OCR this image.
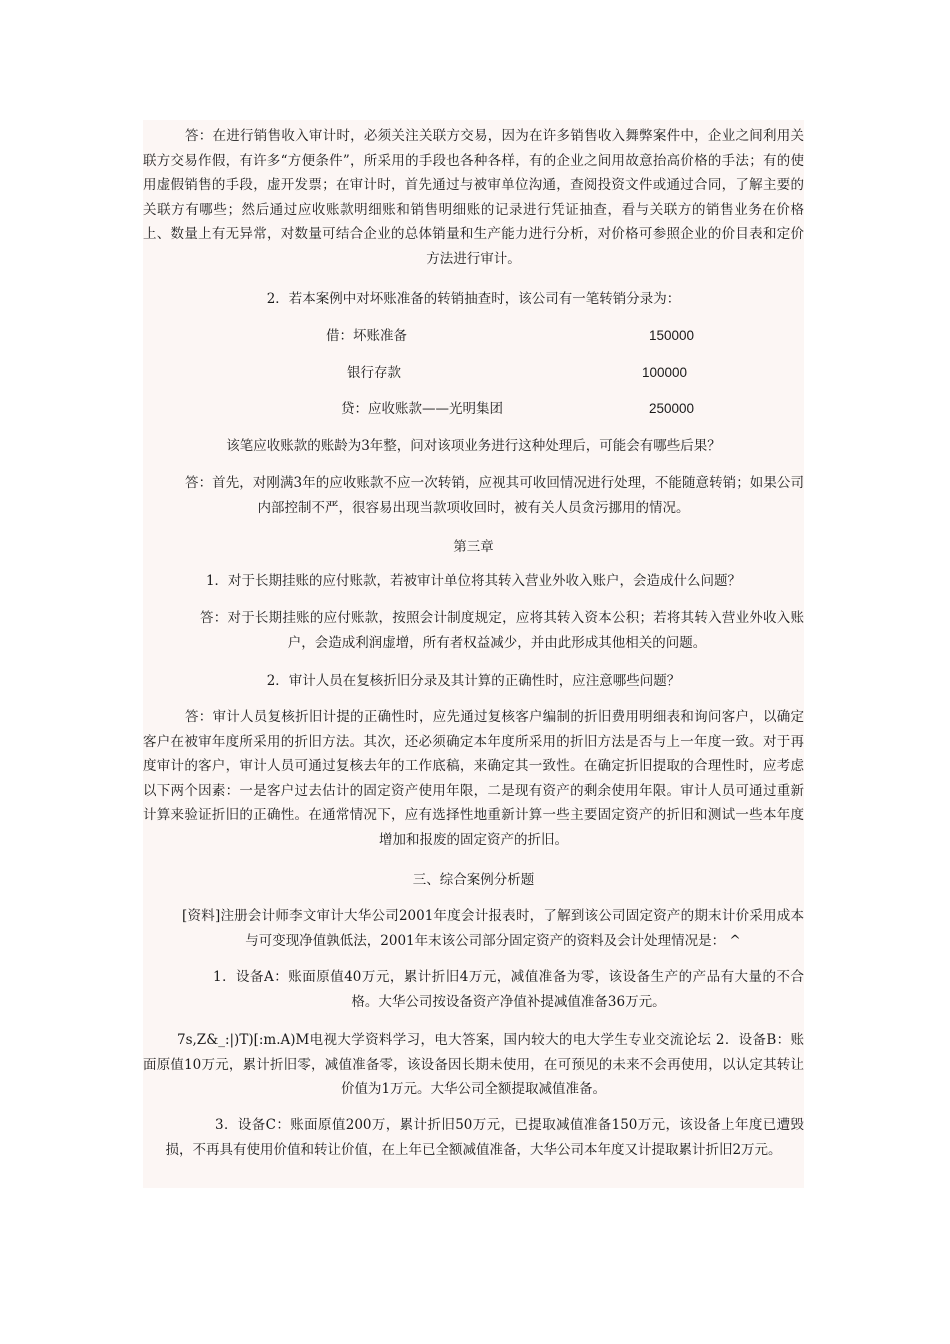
答：在进行销售收入审计时，必须关注关联方交易，因为在许多销售收入舞弊案件中，企业之间利用关联方交易作假，有许多“方便条件”，所采用的手段也各种各样，有的企业之间用故意抬高价格的手法；有的使用虚假销售的手段，虚开发票；在审计时，首先通过与被审单位沟通，查阅投资文件或通过合同，了解主要的关联方有哪些；然后通过应收账款明细账和销售明细账的记录进行凭证抽查，看与关联方的销售业务在价格上、数量上有无异常，对数量可结合企业的总体销量和生产能力进行分析，对价格可参照企业的价目表和定价方法进行审计。
2．若本案例中对坏账准备的转销抽查时，该公司有一笔转销分录为：
借：坏账准备	150000
银行存款	100000
贷：应收账款——光明集团	250000
该笔应收账款的账龄为3年整，问对该项业务进行这种处理后，可能会有哪些后果？
答：首先，对刚满3年的应收账款不应一次转销，应视其可收回情况进行处理，不能随意转销；如果公司内部控制不严，很容易出现当款项收回时，被有关人员贪污挪用的情况。
第三章
1．对于长期挂账的应付账款，若被审计单位将其转入营业外收入账户，会造成什么问题？
答：对于长期挂账的应付账款，按照会计制度规定，应将其转入资本公积；若将其转入营业外收入账户，会造成利润虚增，所有者权益减少，并由此形成其他相关的问题。
2．审计人员在复核折旧分录及其计算的正确性时，应注意哪些问题？
答：审计人员复核折旧计提的正确性时，应先通过复核客户编制的折旧费用明细表和询问客户，以确定客户在被审年度所采用的折旧方法。其次，还必须确定本年度所采用的折旧方法是否与上一年度一致。对于再度审计的客户，审计人员可通过复核去年的工作底稿，来确定其一致性。在确定折旧提取的合理性时，应考虑以下两个因素：一是客户过去估计的固定资产使用年限，二是现有资产的剩余使用年限。审计人员可通过重新计算来验证折旧的正确性。在通常情况下，应有选择性地重新计算一些主要固定资产的折旧和测试一些本年度增加和报废的固定资产的折旧。
三、综合案例分析题
[资料]注册会计师李文审计大华公司2001年度会计报表时，了解到该公司固定资产的期末计价采用成本与可变现净值孰低法，2001年末该公司部分固定资产的资料及会计处理情况是： ^
1．设备A：账面原值40万元，累计折旧4万元，减值准备为零，该设备生产的产品有大量的不合格。大华公司按设备资产净值补提减值准备36万元。
7s,Z&_:|)T)[:m.A)M电视大学资料学习，电大答案，国内较大的电大学生专业交流论坛 2．设备B：账面原值10万元，累计折旧零，减值准备零，该设备因长期未使用，在可预见的未来不会再使用，以认定其转让价值为1万元。大华公司全额提取减值准备。
3．设备C：账面原值200万，累计折旧50万元，已提取减值准备150万元，该设备上年度已遭毁损，不再具有使用价值和转让价值，在上年已全额减值准备，大华公司本年度又计提取累计折旧2万元。
